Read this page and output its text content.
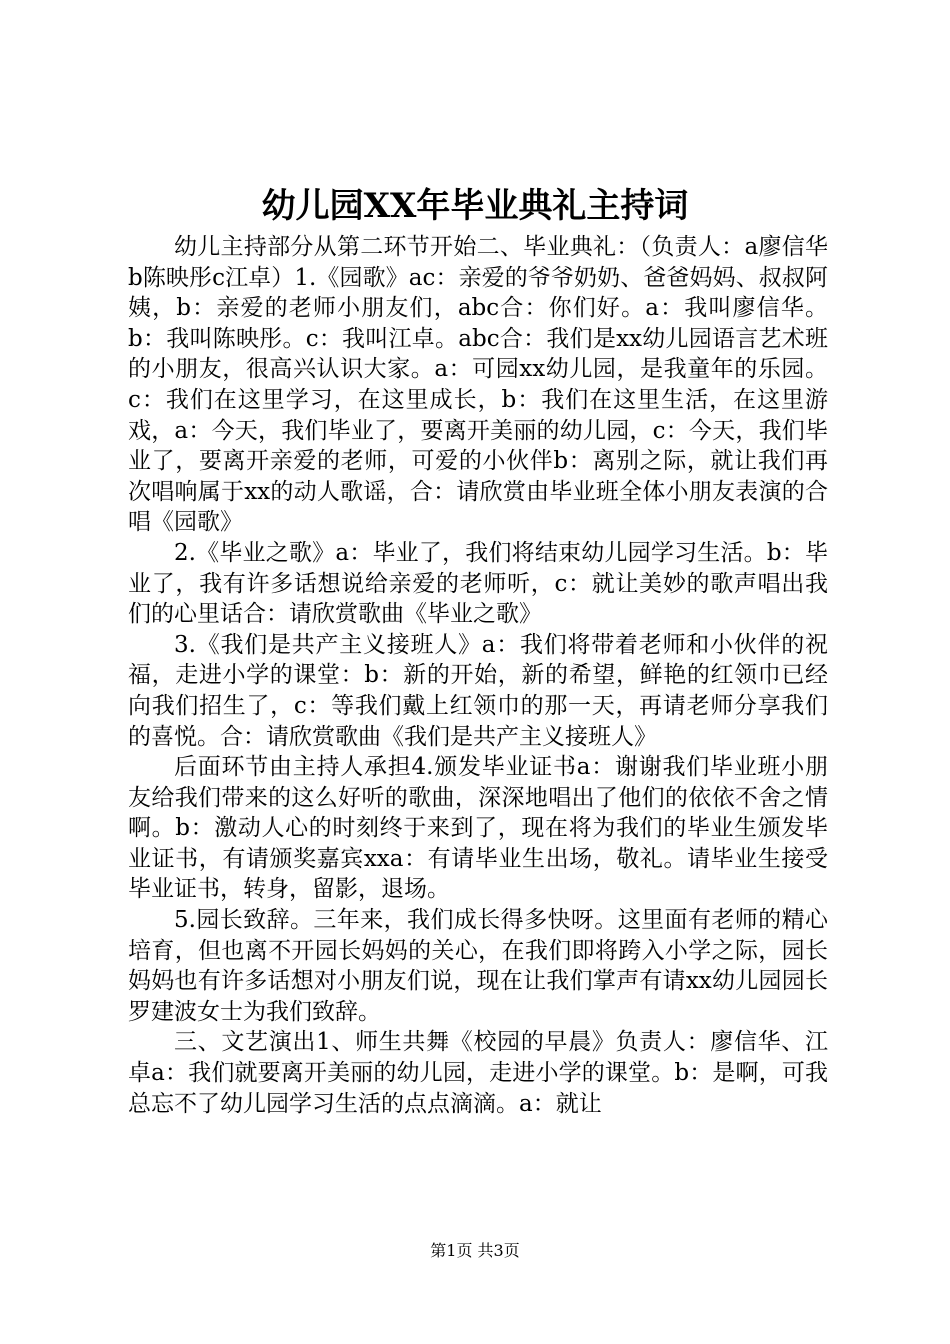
幼儿园XX年毕业典礼主持词

幼儿主持部分从第二环节开始二、毕业典礼：（负责人：a廖信华b陈映彤c江卓）1.《园歌》ac：亲爱的爷爷奶奶、爸爸妈妈、叔叔阿姨，b：亲爱的老师小朋友们，abc合：你们好。a：我叫廖信华。b：我叫陈映彤。c：我叫江卓。abc合：我们是xx幼儿园语言艺术班的小朋友，很高兴认识大家。a：可园xx幼儿园，是我童年的乐园。c：我们在这里学习，在这里成长，b：我们在这里生活，在这里游戏，a：今天，我们毕业了，要离开美丽的幼儿园，c：今天，我们毕业了，要离开亲爱的老师，可爱的小伙伴b：离别之际，就让我们再次唱响属于xx的动人歌谣，合：请欣赏由毕业班全体小朋友表演的合唱《园歌》

2.《毕业之歌》a：毕业了，我们将结束幼儿园学习生活。b：毕业了，我有许多话想说给亲爱的老师听，c：就让美妙的歌声唱出我们的心里话合：请欣赏歌曲《毕业之歌》

3.《我们是共产主义接班人》a：我们将带着老师和小伙伴的祝福，走进小学的课堂：b：新的开始，新的希望，鲜艳的红领巾已经向我们招生了，c：等我们戴上红领巾的那一天，再请老师分享我们的喜悦。合：请欣赏歌曲《我们是共产主义接班人》

后面环节由主持人承担4.颁发毕业证书a：谢谢我们毕业班小朋友给我们带来的这么好听的歌曲，深深地唱出了他们的依依不舍之情啊。b：激动人心的时刻终于来到了，现在将为我们的毕业生颁发毕业证书，有请颁奖嘉宾xxa：有请毕业生出场，敬礼。请毕业生接受毕业证书，转身，留影，退场。

5.园长致辞。三年来，我们成长得多快呀。这里面有老师的精心培育，但也离不开园长妈妈的关心，在我们即将跨入小学之际，园长妈妈也有许多话想对小朋友们说，现在让我们掌声有请xx幼儿园园长罗建波女士为我们致辞。

三、文艺演出1、师生共舞《校园的早晨》负责人：廖信华、江卓a：我们就要离开美丽的幼儿园，走进小学的课堂。b：是啊，可我总忘不了幼儿园学习生活的点点滴滴。a：就让

第1页 共3页
